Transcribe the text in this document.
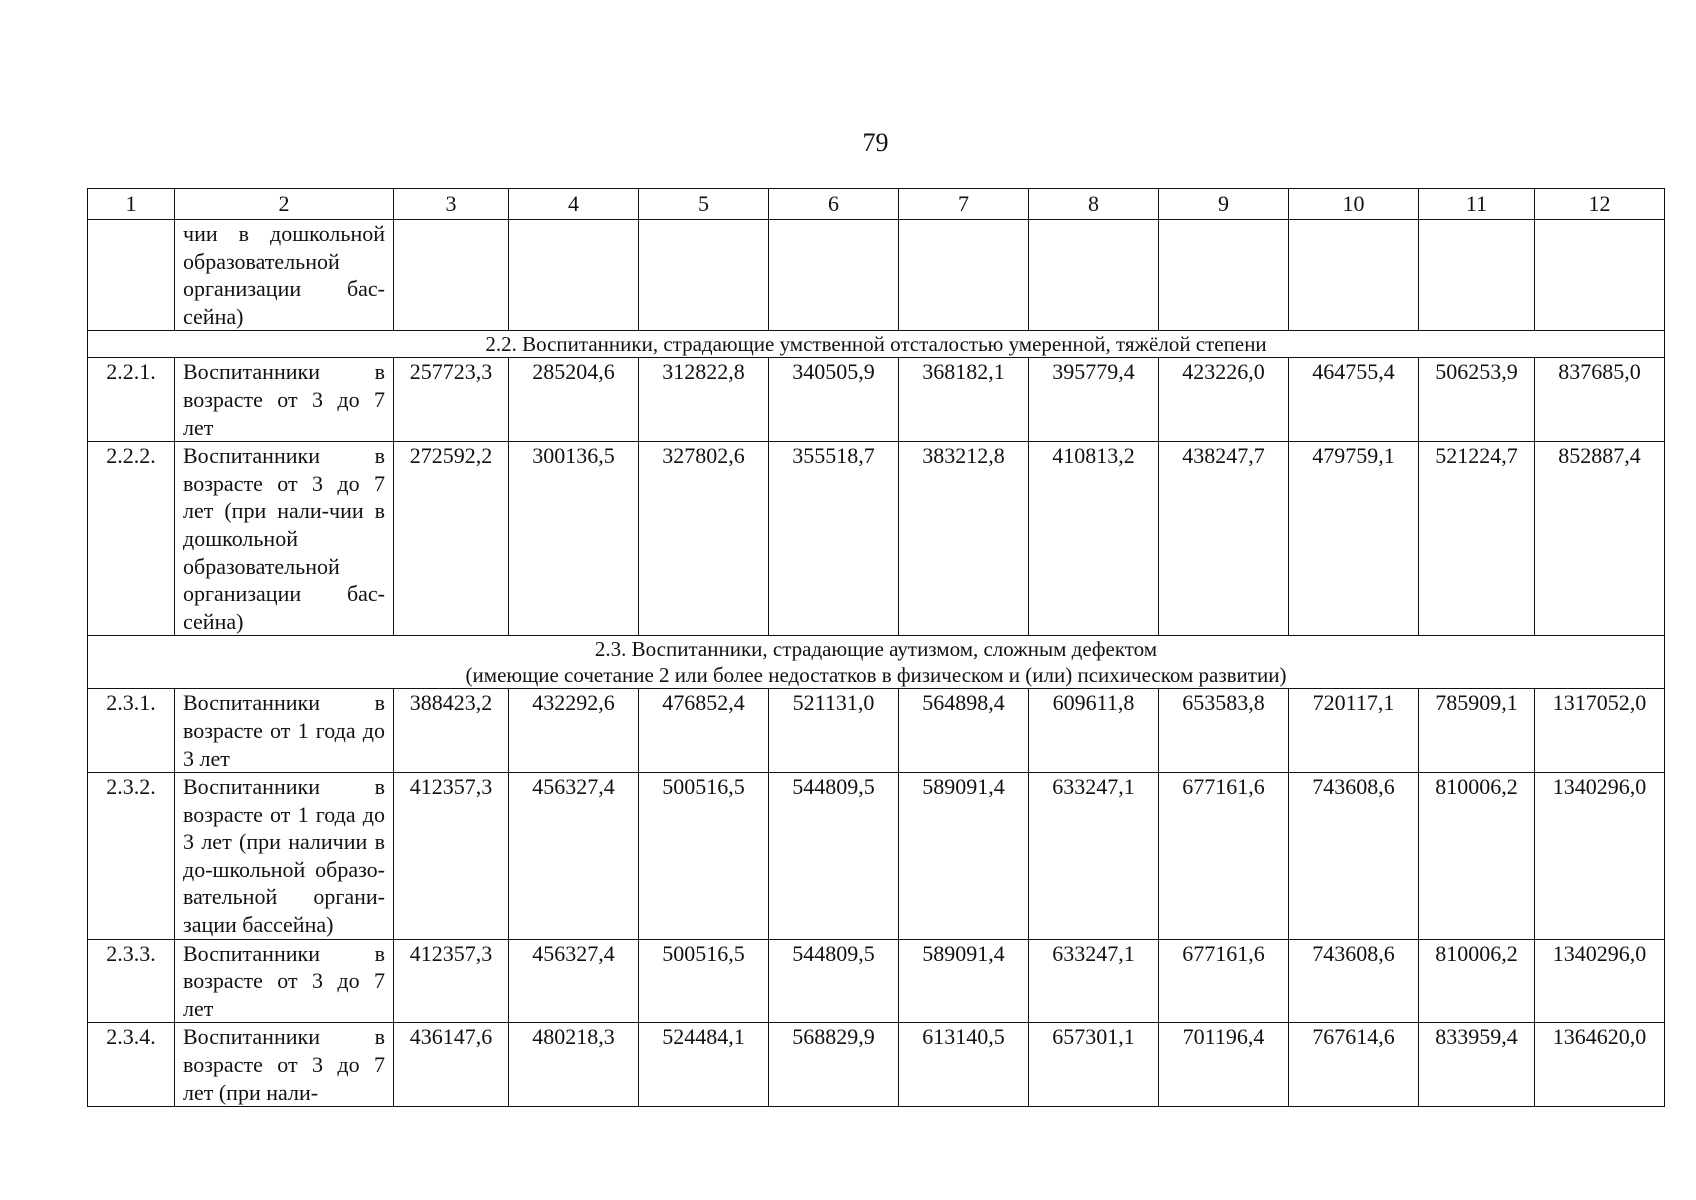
79
1	2	3	4	5	6	7	8	9	10	11	12
	чии в дошкольной образовательной организации бас-сейна)										
2.2. Воспитанники, страдающие умственной отсталостью умеренной, тяжёлой степени											
2.2.1.	Воспитанники в возрасте от 3 до 7 лет	257723,3	285204,6	312822,8	340505,9	368182,1	395779,4	423226,0	464755,4	506253,9	837685,0
2.2.2.	Воспитанники в возрасте от 3 до 7 лет (при нали-чии в дошкольной образовательной организации бас-сейна)	272592,2	300136,5	327802,6	355518,7	383212,8	410813,2	438247,7	479759,1	521224,7	852887,4

2.3. Воспитанники, страдающие аутизмом, сложным дефектом
(имеющие сочетание 2 или более недостатков в физическом и (или) психическом развитии)											

2.3.1.	Воспитанники в возрасте от 1 года до 3 лет	388423,2	432292,6	476852,4	521131,0	564898,4	609611,8	653583,8	720117,1	785909,1	1317052,0
2.3.2.	Воспитанники в возрасте от 1 года до 3 лет (при наличии в до-школьной образо-вательной органи-зации бассейна)	412357,3	456327,4	500516,5	544809,5	589091,4	633247,1	677161,6	743608,6	810006,2	1340296,0
2.3.3.	Воспитанники в возрасте от 3 до 7 лет	412357,3	456327,4	500516,5	544809,5	589091,4	633247,1	677161,6	743608,6	810006,2	1340296,0
2.3.4.	Воспитанники в возрасте от 3 до 7 лет (при нали-	436147,6	480218,3	524484,1	568829,9	613140,5	657301,1	701196,4	767614,6	833959,4	1364620,0
